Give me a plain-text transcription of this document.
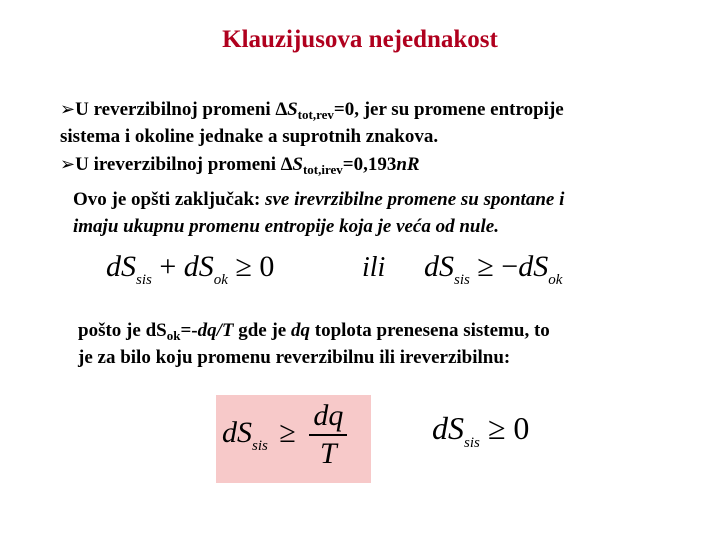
Klauzijusova nejednakost
➢U reverzibilnoj promeni $\Delta S_{tot,rev}=0$, jer su promene entropije
sistema i okoline jednake a suprotnih znakova.
➢U ireverzibilnoj promeni $\Delta S_{tot,irev}=0,193nR$
Ovo je opšti zaključak: sve irevrzibilne promene su spontane i
imaju ukupnu promenu entropije koja je veća od nule.
$dS_{sis} + dS_{ok} \ge 0$	ili $dS_{sis} \ge -dS_{ok}$
pošto je $dS_{ok}=-dq/T$ gde je dq toplota prenesena sistemu, to
je za bilo koju promenu reverzibilnu ili ireverzibilnu:
$dS_{sis} \ge \frac{dq}{T}$	$dS_{sis} \ge 0$
